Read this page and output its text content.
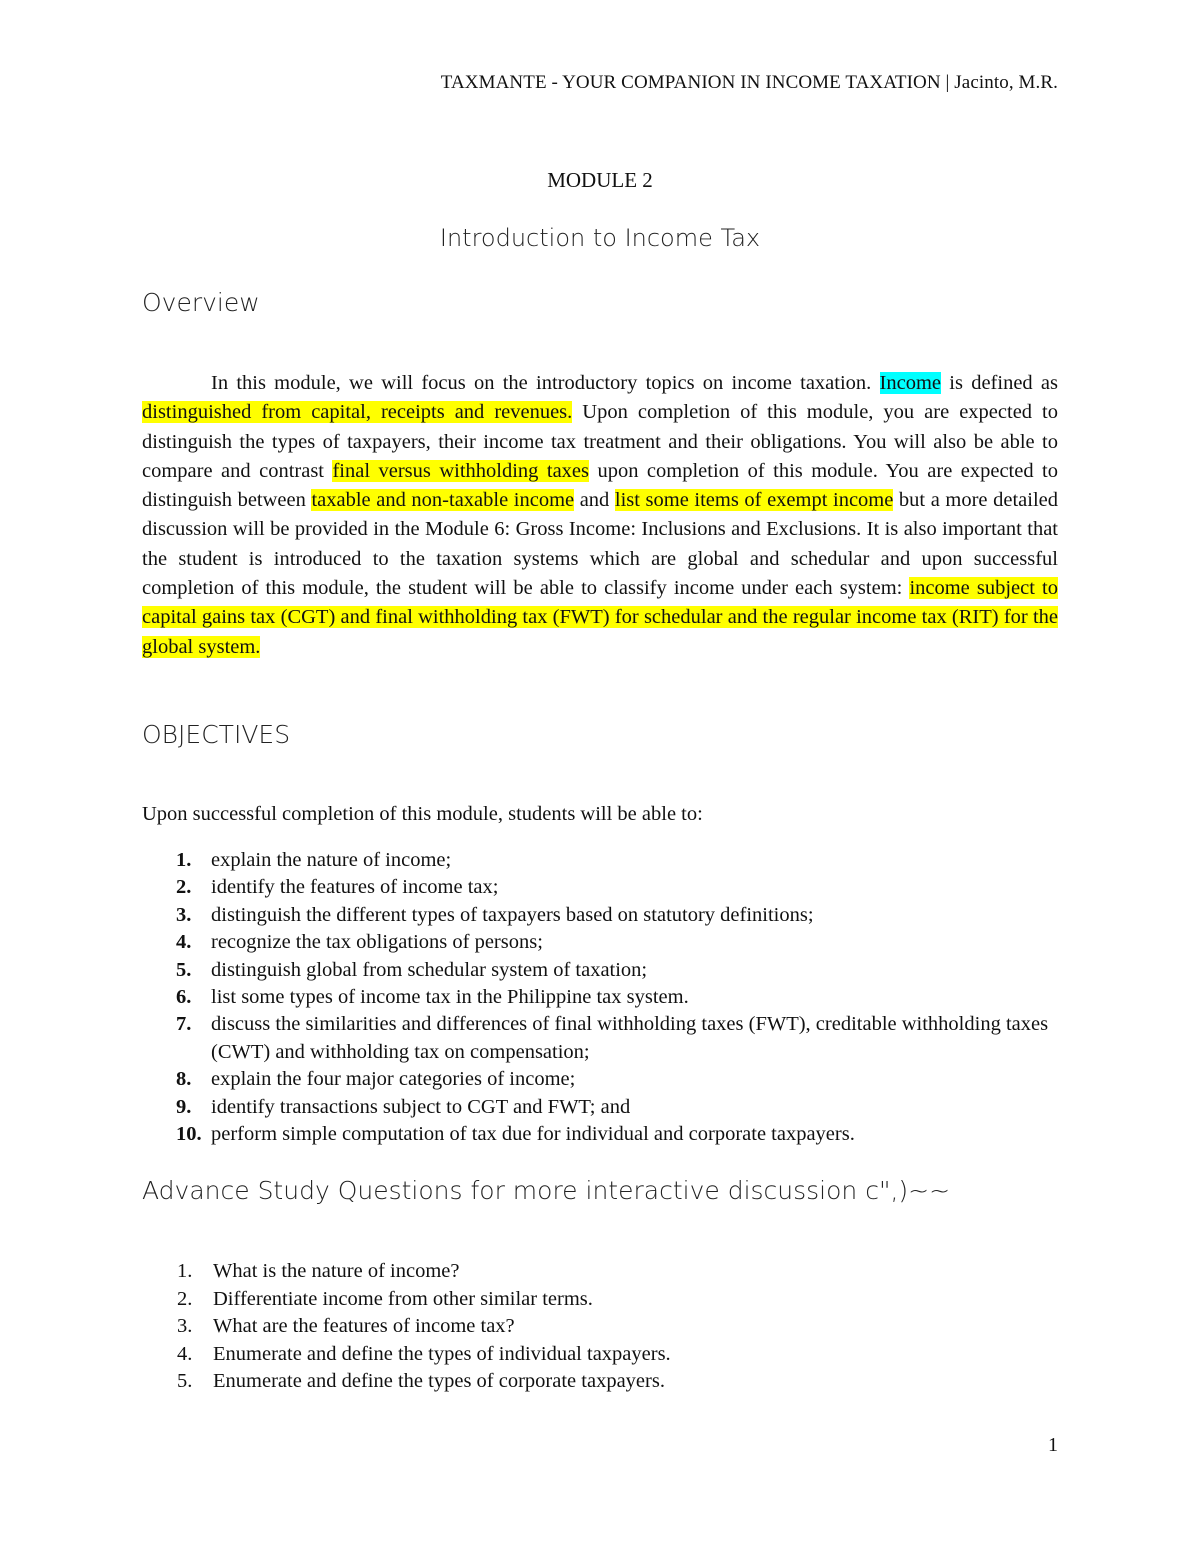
TAXMANTE - YOUR COMPANION IN INCOME TAXATION | Jacinto, M.R.
MODULE 2
Introduction to Income Tax
Overview

In this module, we will focus on the introductory topics on income taxation. Income is defined as distinguished from capital, receipts and revenues. Upon completion of this module, you are expected to distinguish the types of taxpayers, their income tax treatment and their obligations. You will also be able to compare and contrast final versus withholding taxes upon completion of this module. You are expected to distinguish between taxable and non-taxable income and list some items of exempt income but a more detailed discussion will be provided in the Module 6: Gross Income: Inclusions and Exclusions. It is also important that the student is introduced to the taxation systems which are global and schedular and upon successful completion of this module, the student will be able to classify income under each system: income subject to capital gains tax (CGT) and final withholding tax (FWT) for schedular and the regular income tax (RIT) for the global system.

OBJECTIVES
Upon successful completion of this module, students will be able to:
1. explain the nature of income;
2. identify the features of income tax;
3. distinguish the different types of taxpayers based on statutory definitions;
4. recognize the tax obligations of persons;
5. distinguish global from schedular system of taxation;
6. list some types of income tax in the Philippine tax system.
7. discuss the similarities and differences of final withholding taxes (FWT), creditable withholding taxes (CWT) and withholding tax on compensation;
8. explain the four major categories of income;
9. identify transactions subject to CGT and FWT; and
10. perform simple computation of tax due for individual and corporate taxpayers.
Advance Study Questions for more interactive discussion c",)~~
1. What is the nature of income?
2. Differentiate income from other similar terms.
3. What are the features of income tax?
4. Enumerate and define the types of individual taxpayers.
5. Enumerate and define the types of corporate taxpayers.
1
